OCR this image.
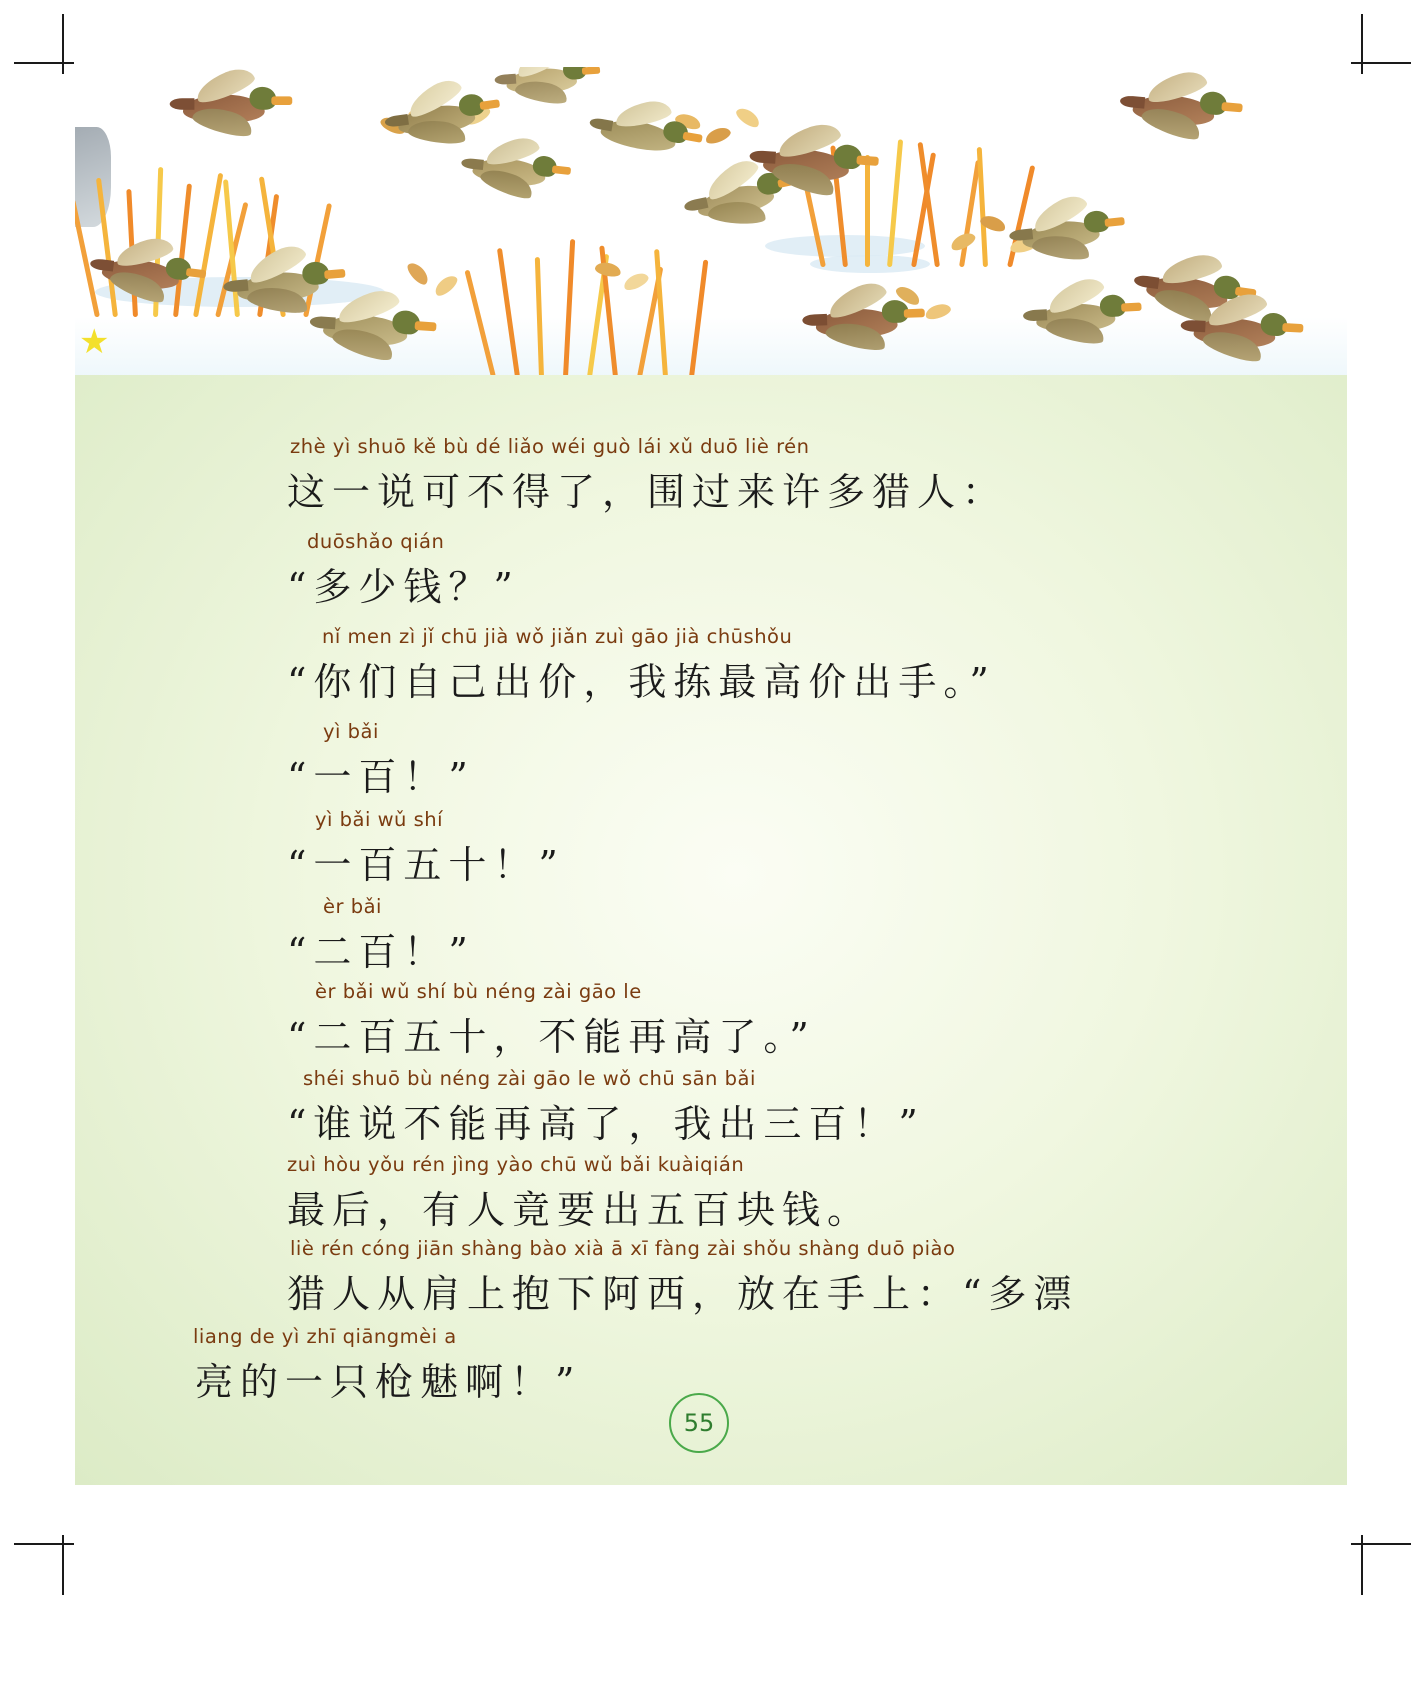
★
zhè yì shuō kě bù dé liǎo wéi guò lái xǔ duō liè rén
这一说可不得了，围过来许多猎人：
duōshǎo qián
“多少钱？”
nǐ men zì jǐ chū jià wǒ jiǎn zuì gāo jià chūshǒu
“你们自己出价，我拣最高价出手。”
yì bǎi
“一百！”
yì bǎi wǔ shí
“一百五十！”
èr bǎi
“二百！”
èr bǎi wǔ shí bù néng zài gāo le
“二百五十，不能再高了。”
shéi shuō bù néng zài gāo le wǒ chū sān bǎi
“谁说不能再高了，我出三百！”
zuì hòu yǒu rén jìng yào chū wǔ bǎi kuàiqián
最后，有人竟要出五百块钱。
liè rén cóng jiān shàng bào xià ā xī fàng zài shǒu shàng duō piào
猎人从肩上抱下阿西，放在手上：“多漂
liang de yì zhī qiāngmèi a
亮的一只枪魅啊！”
55
